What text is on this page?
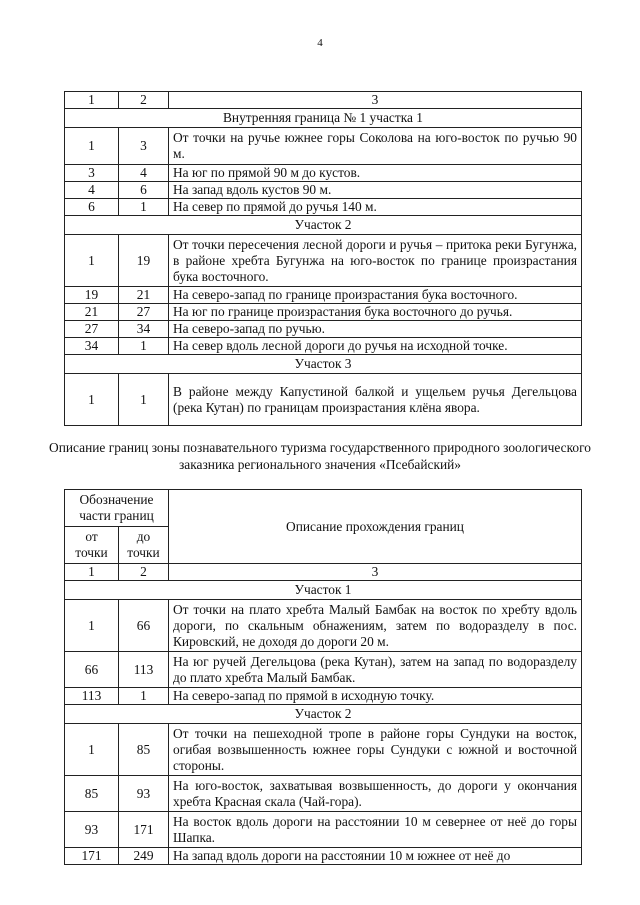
4
1	2	3
Внутренняя граница № 1 участка 1		
1	3	От точки на ручье южнее горы Соколова на юго-восток по ручью 90 м.
3	4	На юг по прямой 90 м до кустов.
4	6	На запад вдоль кустов 90 м.
6	1	На север по прямой до ручья 140 м.
Участок 2		
1	19	От точки пересечения лесной дороги и ручья – притока реки Бугунжа, в районе хребта Бугунжа на юго-восток по границе произрастания бука восточного.
19	21	На северо-запад по границе произрастания бука восточного.
21	27	На юг по границе произрастания бука восточного до ручья.
27	34	На северо-запад по ручью.
34	1	На север вдоль лесной дороги до ручья на исходной точке.
Участок 3		
1	1	В районе между Капустиной балкой и ущельем ручья Дегельцова (река Кутан) по границам произрастания клёна явора.
Описание границ зоны познавательного туризма государственного природного зоологического заказника регионального значения «Псебайский»
Обозначение части границ		Описание прохождения границ
от точки	до точки	
1	2	3
Участок 1		
1	66	От точки на плато хребта Малый Бамбак на восток по хребту вдоль дороги, по скальным обнажениям, затем по водоразделу в пос. Кировский, не доходя до дороги 20 м.
66	113	На юг ручей Дегельцова (река Кутан), затем на запад по водоразделу до плато хребта Малый Бамбак.
113	1	На северо-запад по прямой в исходную точку.
Участок 2		
1	85	От точки на пешеходной тропе в районе горы Сундуки на восток, огибая возвышенность южнее горы Сундуки с южной и восточной стороны.
85	93	На юго-восток, захватывая возвышенность, до дороги у окончания хребта Красная скала (Чай-гора).
93	171	На восток вдоль дороги на расстоянии 10 м севернее от неё до горы Шапка.
171	249	На запад вдоль дороги на расстоянии 10 м южнее от неё до
